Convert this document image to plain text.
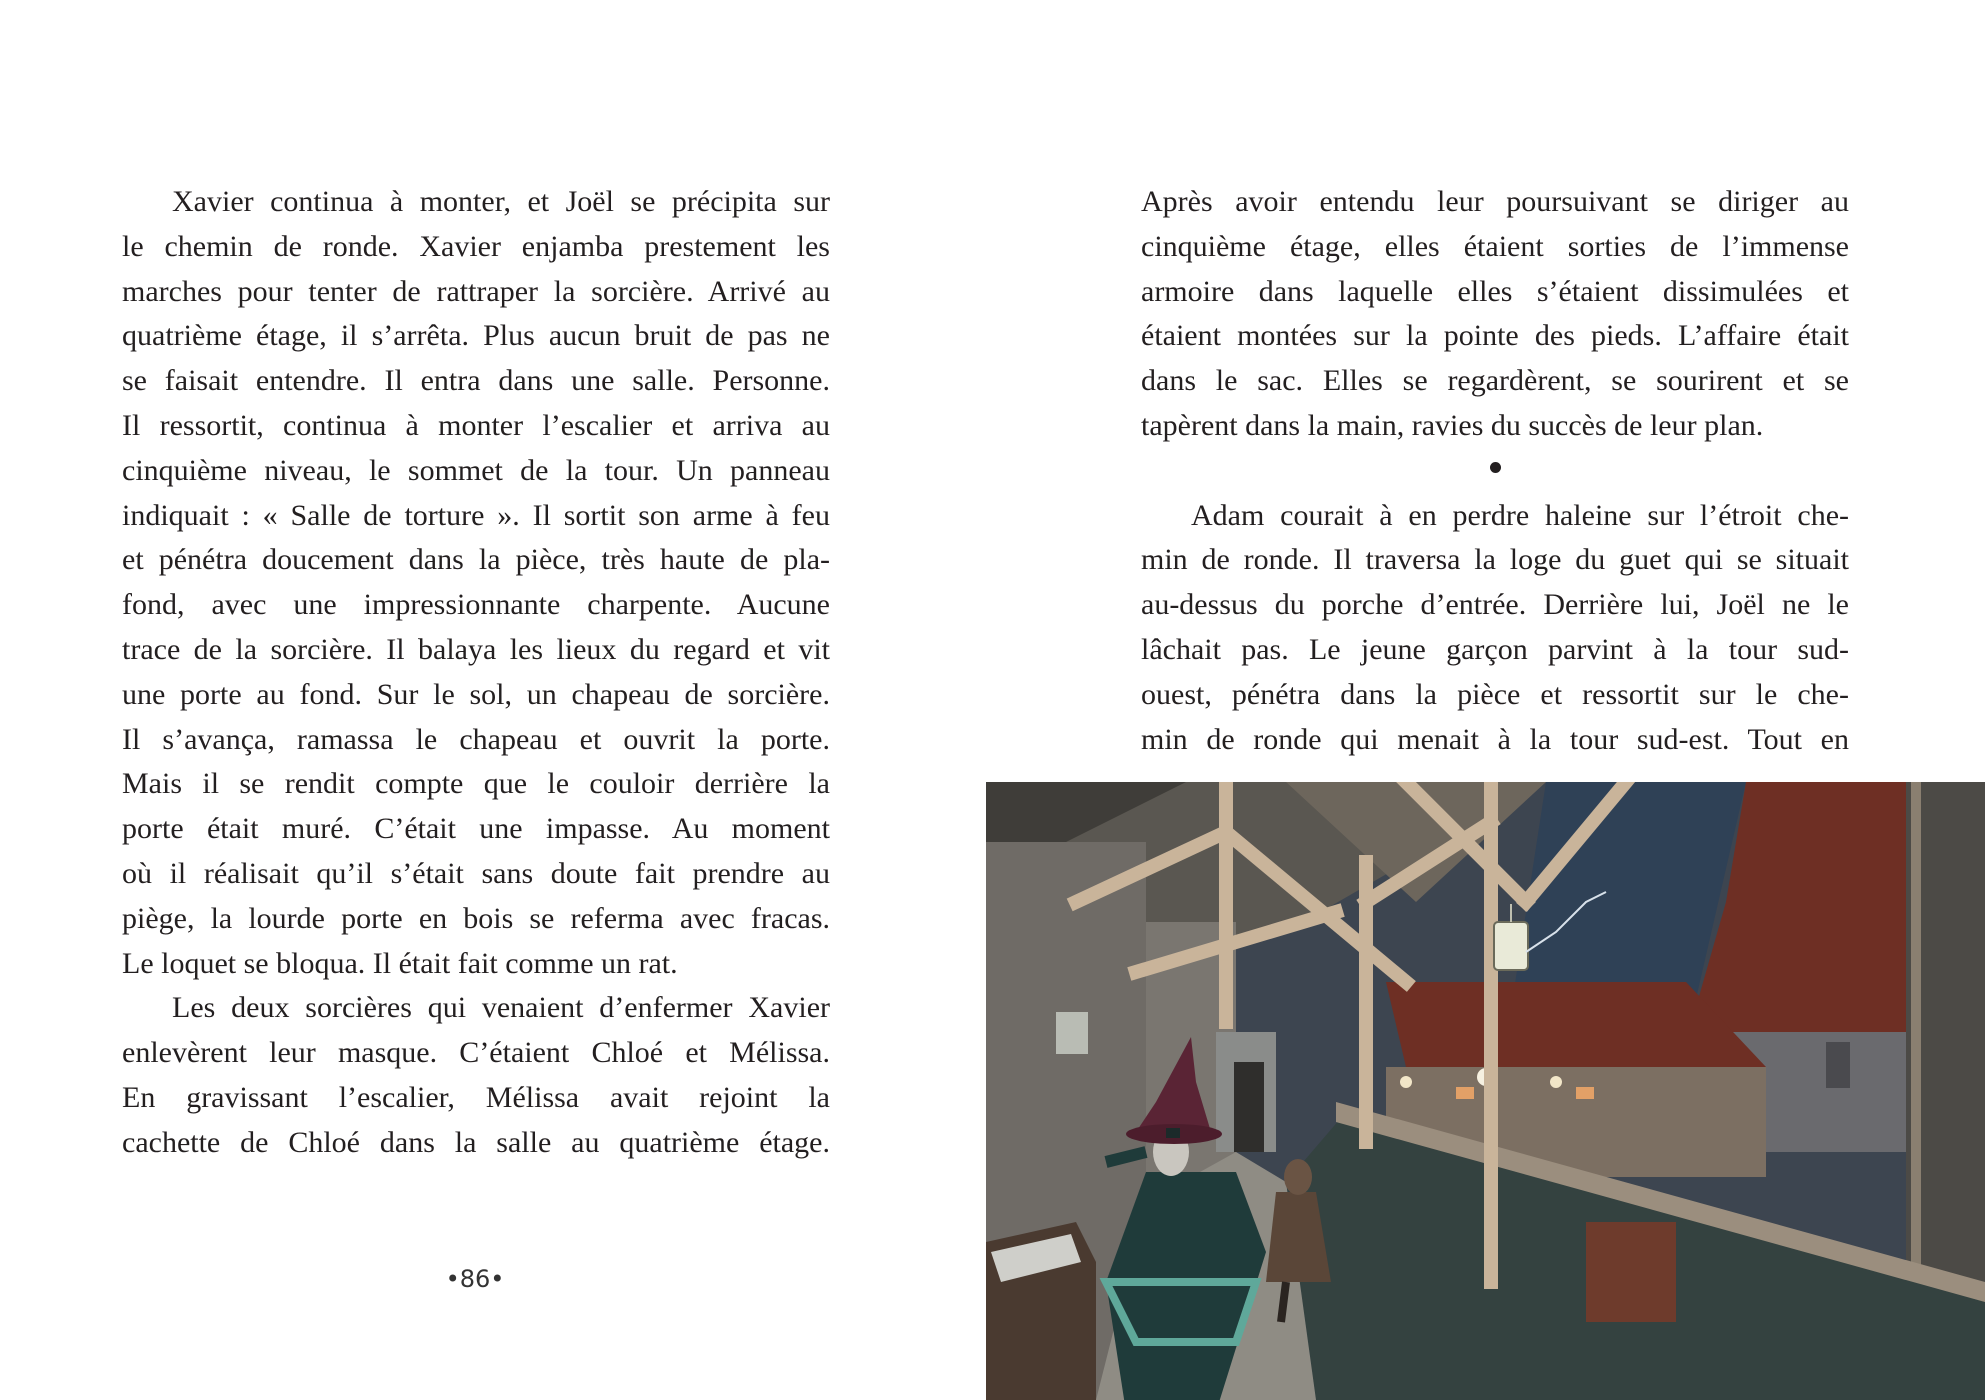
Xavier continua à monter, et Joël se précipita sur
le chemin de ronde. Xavier enjamba prestement les
marches pour tenter de rattraper la sorcière. Arrivé au
quatrième étage, il s’arrêta. Plus aucun bruit de pas ne
se faisait entendre. Il entra dans une salle. Personne.
Il ressortit, continua à monter l’escalier et arriva au
cinquième niveau, le sommet de la tour. Un panneau
indiquait : « Salle de torture ». Il sortit son arme à feu
et pénétra doucement dans la pièce, très haute de pla-
fond, avec une impressionnante charpente. Aucune
trace de la sorcière. Il balaya les lieux du regard et vit
une porte au fond. Sur le sol, un chapeau de sorcière.
Il s’avança, ramassa le chapeau et ouvrit la porte.
Mais il se rendit compte que le couloir derrière la
porte était muré. C’était une impasse. Au moment
où il réalisait qu’il s’était sans doute fait prendre au
piège, la lourde porte en bois se referma avec fracas.
Le loquet se bloqua. Il était fait comme un rat.
Les deux sorcières qui venaient d’enfermer Xavier
enlevèrent leur masque. C’étaient Chloé et Mélissa.
En gravissant l’escalier, Mélissa avait rejoint la
cachette de Chloé dans la salle au quatrième étage.
•86•
Après avoir entendu leur poursuivant se diriger au
cinquième étage, elles étaient sorties de l’immense
armoire dans laquelle elles s’étaient dissimulées et
étaient montées sur la pointe des pieds. L’affaire était
dans le sac. Elles se regardèrent, se sourirent et se
tapèrent dans la main, ravies du succès de leur plan.
Adam courait à en perdre haleine sur l’étroit che-
min de ronde. Il traversa la loge du guet qui se situait
au-dessus du porche d’entrée. Derrière lui, Joël ne le
lâchait pas. Le jeune garçon parvint à la tour sud-
ouest, pénétra dans la pièce et ressortit sur le che-
min de ronde qui menait à la tour sud-est. Tout en
